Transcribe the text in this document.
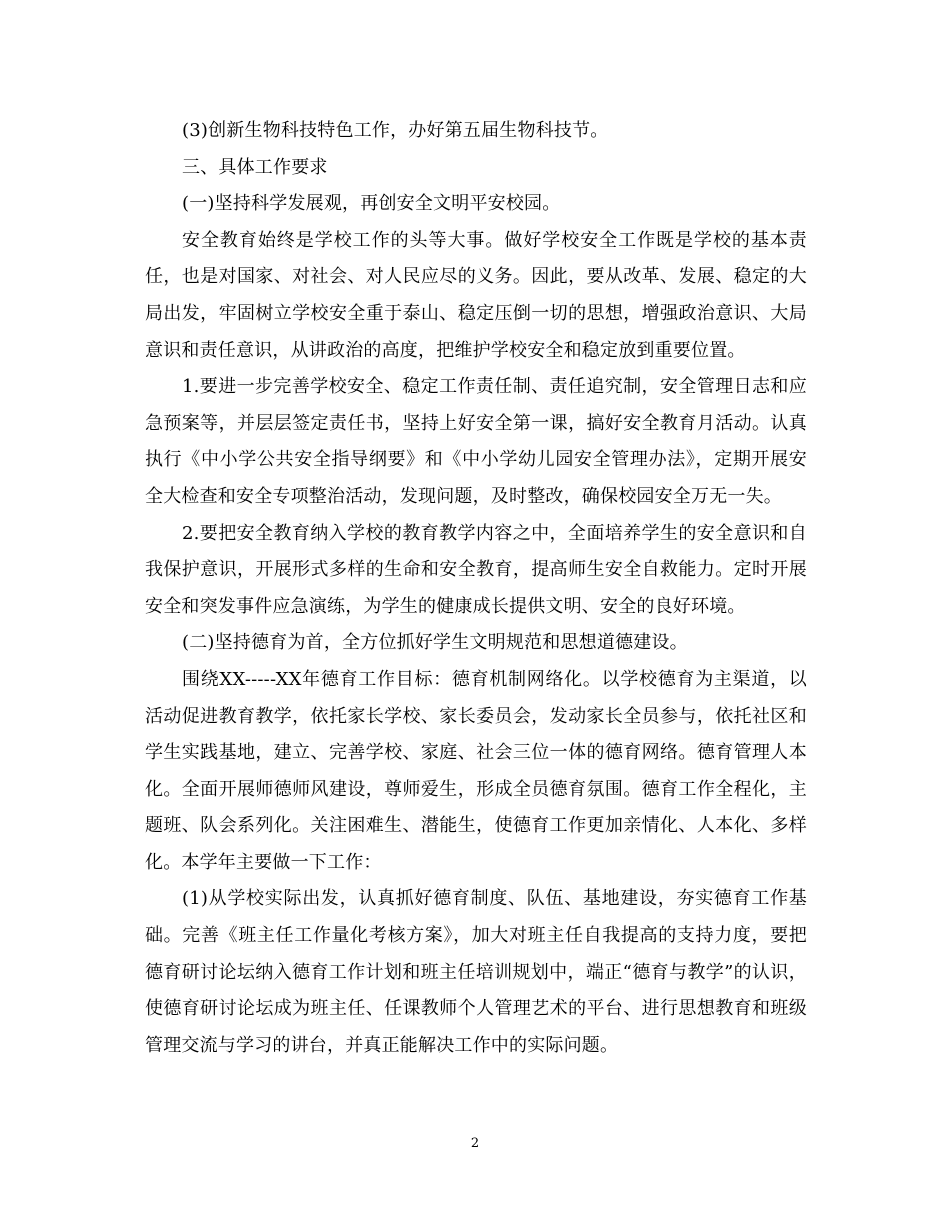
(3)创新生物科技特色工作，办好第五届生物科技节。

三、具体工作要求

(一)坚持科学发展观，再创安全文明平安校园。

安全教育始终是学校工作的头等大事。做好学校安全工作既是学校的基本责任，也是对国家、对社会、对人民应尽的义务。因此，要从改革、发展、稳定的大局出发，牢固树立学校安全重于泰山、稳定压倒一切的思想，增强政治意识、大局意识和责任意识，从讲政治的高度，把维护学校安全和稳定放到重要位置。

1.要进一步完善学校安全、稳定工作责任制、责任追究制，安全管理日志和应急预案等，并层层签定责任书，坚持上好安全第一课，搞好安全教育月活动。认真执行《中小学公共安全指导纲要》和《中小学幼儿园安全管理办法》，定期开展安全大检查和安全专项整治活动，发现问题，及时整改，确保校园安全万无一失。

2.要把安全教育纳入学校的教育教学内容之中，全面培养学生的安全意识和自我保护意识，开展形式多样的生命和安全教育，提高师生安全自救能力。定时开展安全和突发事件应急演练，为学生的健康成长提供文明、安全的良好环境。

(二)坚持德育为首，全方位抓好学生文明规范和思想道德建设。

围绕XX-----XX年德育工作目标：德育机制网络化。以学校德育为主渠道，以活动促进教育教学，依托家长学校、家长委员会，发动家长全员参与，依托社区和学生实践基地，建立、完善学校、家庭、社会三位一体的德育网络。德育管理人本化。全面开展师德师风建设，尊师爱生，形成全员德育氛围。德育工作全程化，主题班、队会系列化。关注困难生、潜能生，使德育工作更加亲情化、人本化、多样化。本学年主要做一下工作：

(1)从学校实际出发，认真抓好德育制度、队伍、基地建设，夯实德育工作基础。完善《班主任工作量化考核方案》，加大对班主任自我提高的支持力度，要把德育研讨论坛纳入德育工作计划和班主任培训规划中，端正“德育与教学”的认识，使德育研讨论坛成为班主任、任课教师个人管理艺术的平台、进行思想教育和班级管理交流与学习的讲台，并真正能解决工作中的实际问题。

2
